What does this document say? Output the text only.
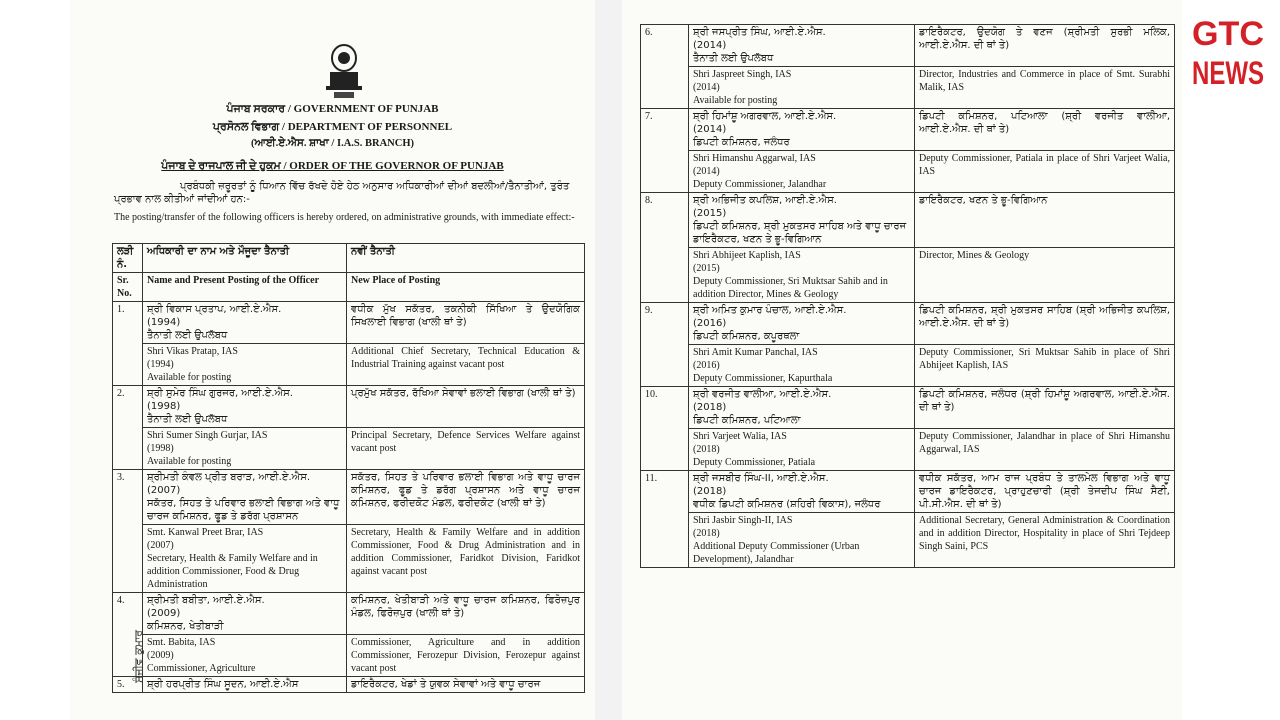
ਪੰਜਾਬ ਸਰਕਾਰ / GOVERNMENT OF PUNJAB
ਪ੍ਰਸੋਨਲ ਵਿਭਾਗ / DEPARTMENT OF PERSONNEL
(ਆਈ.ਏ.ਐਸ. ਸ਼ਾਖਾ / I.A.S. BRANCH)
ਪੰਜਾਬ ਦੇ ਰਾਜਪਾਲ ਜੀ ਦੇ ਹੁਕਮ / ORDER OF THE GOVERNOR OF PUNJAB
ਪ੍ਰਬੰਧਕੀ ਜ਼ਰੂਰਤਾਂ ਨੂੰ ਧਿਆਨ ਵਿੱਚ ਰੱਖਦੇ ਹੋਏ ਹੇਠ ਅਨੁਸਾਰ ਅਧਿਕਾਰੀਆਂ ਦੀਆਂ ਬਦਲੀਆਂ/ਤੈਨਾਤੀਆਂ, ਤੁਰੰਤ ਪ੍ਰਭਾਵ ਨਾਲ ਕੀਤੀਆਂ ਜਾਂਦੀਆਂ ਹਨ:-
The posting/transfer of the following officers is hereby ordered, on administrative grounds, with immediate effect:-
ਲੜੀ ਨੰ.	ਅਧਿਕਾਰੀ ਦਾ ਨਾਮ ਅਤੇ ਮੌਜੂਦਾ ਤੈਨਾਤੀ	ਨਵੀਂ ਤੈਨਾਤੀ
Sr. No.	Name and Present Posting of the Officer	New Place of Posting
1.	ਸ਼੍ਰੀ ਵਿਕਾਸ ਪ੍ਰਤਾਪ, ਆਈ.ਏ.ਐਸ.
(1994)
ਤੈਨਾਤੀ ਲਈ ਉਪਲੱਬਧ	ਵਧੀਕ ਮੁੱਖ ਸਕੱਤਰ, ਤਕਨੀਕੀ ਸਿੱਖਿਆ ਤੇ ਉਦਯੋਗਿਕ ਸਿਖਲਾਈ ਵਿਭਾਗ (ਖਾਲੀ ਥਾਂ ਤੇ)

	Shri Vikas Pratap, IAS
(1994)
Available for posting	Additional Chief Secretary, Technical Education & Industrial Training against vacant post
2.	ਸ਼੍ਰੀ ਸੁਮੇਰ ਸਿੰਘ ਗੁਰਜਰ, ਆਈ.ਏ.ਐਸ.
(1998)
ਤੈਨਾਤੀ ਲਈ ਉਪਲੱਬਧ	ਪ੍ਰਮੁੱਖ ਸਕੱਤਰ, ਰੱਖਿਆ ਸੇਵਾਵਾਂ ਭਲਾਈ ਵਿਭਾਗ (ਖਾਲੀ ਥਾਂ ਤੇ)

	Shri Sumer Singh Gurjar, IAS
(1998)
Available for posting	Principal Secretary, Defence Services Welfare against vacant post
3.	ਸ਼੍ਰੀਮਤੀ ਕੰਵਲ ਪ੍ਰੀਤ ਬਰਾੜ, ਆਈ.ਏ.ਐਸ.
(2007)
ਸਕੱਤਰ, ਸਿਹਤ ਤੇ ਪਰਿਵਾਰ ਭਲਾਈ ਵਿਭਾਗ ਅਤੇ ਵਾਧੂ ਚਾਰਜ ਕਮਿਸ਼ਨਰ, ਫੂਡ ਤੇ ਡਰੱਗ ਪ੍ਰਸ਼ਾਸਨ	ਸਕੱਤਰ, ਸਿਹਤ ਤੇ ਪਰਿਵਾਰ ਭਲਾਈ ਵਿਭਾਗ ਅਤੇ ਵਾਧੂ ਚਾਰਜ ਕਮਿਸ਼ਨਰ, ਫੂਡ ਤੇ ਡਰੱਗ ਪ੍ਰਸ਼ਾਸਨ ਅਤੇ ਵਾਧੂ ਚਾਰਜ ਕਮਿਸ਼ਨਰ, ਫਰੀਦਕੋਟ ਮੰਡਲ, ਫਰੀਦਕੋਟ (ਖਾਲੀ ਥਾਂ ਤੇ)

	Smt. Kanwal Preet Brar, IAS
(2007)
Secretary, Health & Family Welfare and in addition Commissioner, Food & Drug Administration	Secretary, Health & Family Welfare and in addition Commissioner, Food & Drug Administration and in addition Commissioner, Faridkot Division, Faridkot against vacant post
4.	ਸ਼੍ਰੀਮਤੀ ਬਬੀਤਾ, ਆਈ.ਏ.ਐਸ.
(2009)
ਕਮਿਸ਼ਨਰ, ਖੇਤੀਬਾੜੀ	ਕਮਿਸ਼ਨਰ, ਖੇਤੀਬਾੜੀ ਅਤੇ ਵਾਧੂ ਚਾਰਜ ਕਮਿਸ਼ਨਰ, ਫਿਰੋਜ਼ਪੁਰ ਮੰਡਲ, ਫਿਰੋਜ਼ਪੁਰ (ਖਾਲੀ ਥਾਂ ਤੇ)

	Smt. Babita, IAS
(2009)
Commissioner, Agriculture	Commissioner, Agriculture and in addition Commissioner, Ferozepur Division, Ferozepur against vacant post
5.	ਸ਼੍ਰੀ ਹਰਪ੍ਰੀਤ ਸਿੰਘ ਸੂਦਨ, ਆਈ.ਏ.ਐਸ	ਡਾਇਰੈਕਟਰ, ਖੇਡਾਂ ਤੇ ਯੁਵਕ ਸੇਵਾਵਾਂ ਅਤੇ ਵਾਧੂ ਚਾਰਜ
ਸੰਜੀਵ ਕੁਮਾਰ
6.	ਸ਼੍ਰੀ ਜਸਪ੍ਰੀਤ ਸਿੰਘ, ਆਈ.ਏ.ਐਸ.
(2014)
ਤੈਨਾਤੀ ਲਈ ਉਪਲੱਬਧ	ਡਾਇਰੈਕਟਰ, ਉਦਯੋਗ ਤੇ ਵਣਜ (ਸ਼੍ਰੀਮਤੀ ਸੁਰਭੀ ਮਲਿਕ, ਆਈ.ਏ.ਐਸ. ਦੀ ਥਾਂ ਤੇ)

	Shri Jaspreet Singh, IAS
(2014)
Available for posting	Director, Industries and Commerce in place of Smt. Surabhi Malik, IAS
7.	ਸ਼੍ਰੀ ਹਿਮਾਂਸ਼ੂ ਅਗਰਵਾਲ, ਆਈ.ਏ.ਐਸ.
(2014)
ਡਿਪਟੀ ਕਮਿਸ਼ਨਰ, ਜਲੰਧਰ	ਡਿਪਟੀ ਕਮਿਸ਼ਨਰ, ਪਟਿਆਲਾ (ਸ਼੍ਰੀ ਵਰਜੀਤ ਵਾਲੀਆ, ਆਈ.ਏ.ਐਸ. ਦੀ ਥਾਂ ਤੇ)

	Shri Himanshu Aggarwal, IAS
(2014)
Deputy Commissioner, Jalandhar	Deputy Commissioner, Patiala in place of Shri Varjeet Walia, IAS
8.	ਸ਼੍ਰੀ ਅਭਿਜੀਤ ਕਪਲਿਸ਼, ਆਈ.ਏ.ਐਸ.
(2015)
ਡਿਪਟੀ ਕਮਿਸ਼ਨਰ, ਸ਼੍ਰੀ ਮੁਕਤਸਰ ਸਾਹਿਬ ਅਤੇ ਵਾਧੂ ਚਾਰਜ ਡਾਇਰੈਕਟਰ, ਖਣਨ ਤੇ ਭੂ-ਵਿਗਿਆਨ	ਡਾਇਰੈਕਟਰ, ਖਣਨ ਤੇ ਭੂ-ਵਿਗਿਆਨ

	Shri Abhijeet Kaplish, IAS
(2015)
Deputy Commissioner, Sri Muktsar Sahib and in addition Director, Mines & Geology	Director, Mines & Geology
9.	ਸ਼੍ਰੀ ਅਮਿਤ ਕੁਮਾਰ ਪੰਚਾਲ, ਆਈ.ਏ.ਐਸ.
(2016)
ਡਿਪਟੀ ਕਮਿਸ਼ਨਰ, ਕਪੂਰਥਲਾ	ਡਿਪਟੀ ਕਮਿਸ਼ਨਰ, ਸ਼੍ਰੀ ਮੁਕਤਸਰ ਸਾਹਿਬ (ਸ਼੍ਰੀ ਅਭਿਜੀਤ ਕਪਲਿਸ਼, ਆਈ.ਏ.ਐਸ. ਦੀ ਥਾਂ ਤੇ)

	Shri Amit Kumar Panchal, IAS
(2016)
Deputy Commissioner, Kapurthala	Deputy Commissioner, Sri Muktsar Sahib in place of Shri Abhijeet Kaplish, IAS
10.	ਸ਼੍ਰੀ ਵਰਜੀਤ ਵਾਲੀਆ, ਆਈ.ਏ.ਐਸ.
(2018)
ਡਿਪਟੀ ਕਮਿਸ਼ਨਰ, ਪਟਿਆਲਾ	ਡਿਪਟੀ ਕਮਿਸ਼ਨਰ, ਜਲੰਧਰ (ਸ਼੍ਰੀ ਹਿਮਾਂਸ਼ੂ ਅਗਰਵਾਲ, ਆਈ.ਏ.ਐਸ. ਦੀ ਥਾਂ ਤੇ)

	Shri Varjeet Walia, IAS
(2018)
Deputy Commissioner, Patiala	Deputy Commissioner, Jalandhar in place of Shri Himanshu Aggarwal, IAS
11.	ਸ਼੍ਰੀ ਜਸਬੀਰ ਸਿੰਘ-II, ਆਈ.ਏ.ਐਸ.
(2018)
ਵਧੀਕ ਡਿਪਟੀ ਕਮਿਸ਼ਨਰ (ਸ਼ਹਿਰੀ ਵਿਕਾਸ), ਜਲੰਧਰ	ਵਧੀਕ ਸਕੱਤਰ, ਆਮ ਰਾਜ ਪ੍ਰਬੰਧ ਤੇ ਤਾਲਮੇਲ ਵਿਭਾਗ ਅਤੇ ਵਾਧੂ ਚਾਰਜ ਡਾਇਰੈਕਟਰ, ਪ੍ਰਾਹੁਣਚਾਰੀ (ਸ਼੍ਰੀ ਤੇਜਦੀਪ ਸਿੰਘ ਸੈਣੀ, ਪੀ.ਸੀ.ਐਸ. ਦੀ ਥਾਂ ਤੇ)

	Shri Jasbir Singh-II, IAS
(2018)
Additional Deputy Commissioner (Urban Development), Jalandhar	Additional Secretary, General Administration & Coordination and in addition Director, Hospitality in place of Shri Tejdeep Singh Saini, PCS
GTC
NEWS
